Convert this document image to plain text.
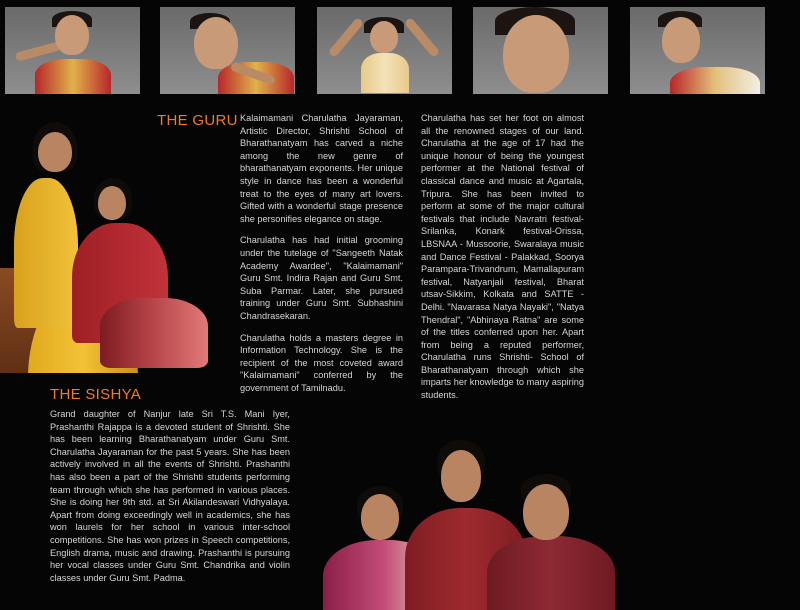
THE GURU Kalaimamani Charulatha Jayaraman, Artistic Director, Shrishti School of Bharathanatyam has carved a niche among the new genre of bharathanatyam exponents. Her unique style in dance has been a wonderful treat to the eyes of many art lovers. Gifted with a wonderful stage presence she personifies elegance on stage.

Charulatha has had initial grooming under the tutelage of "Sangeeth Natak Academy Awardee", "Kalaimamani" Guru Smt. Indira Rajan and Guru Smt. Suba Parmar. Later, she pursued training under Guru Smt. Subhashini Chandrasekaran.

Charulatha holds a masters degree in Information Technology. She is the recipient of the most coveted award "Kalaimamani" conferred by the government of Tamilnadu.

Charulatha has set her foot on almost all the renowned stages of our land. Charulatha at the age of 17 had the unique honour of being the youngest performer at the National festival of classical dance and music at Agartala, Tripura. She has been invited to perform at some of the major cultural festivals that include Navratri festival-Srilanka, Konark festival-Orissa, LBSNAA - Mussoorie, Swaralaya music and Dance Festival - Palakkad, Soorya Parampara-Trivandrum, Mamallapuram festival, Natyanjali festival, Bharat utsav-Sikkim, Kolkata and SATTE - Delhi. "Navarasa Natya Nayaki", "Natya Thendral", "Abhinaya Ratna" are some of the titles conferred upon her. Apart from being a reputed performer, Charulatha runs Shrishti- School of Bharathanatyam through which she imparts her knowledge to many aspiring students.

THE SISHYA

Grand daughter of Nanjur late Sri T.S. Mani Iyer, Prashanthi Rajappa is a devoted student of Shrishti. She has been learning Bharathanatyam under Guru Smt. Charulatha Jayaraman for the past 5 years. She has been actively involved in all the events of Shrishti. Prashanthi has also been a part of the Shrishti students performing team through which she has performed in various places. She is doing her 9th std. at Sri Akilandeswari Vidhyalaya. Apart from doing exceedingly well in academics, she has won laurels for her school in various inter-school competitions. She has won prizes in Speech competitions, English drama, music and drawing. Prashanthi is pursuing her vocal classes under Guru Smt. Chandrika and violin classes under Guru Smt. Padma.
